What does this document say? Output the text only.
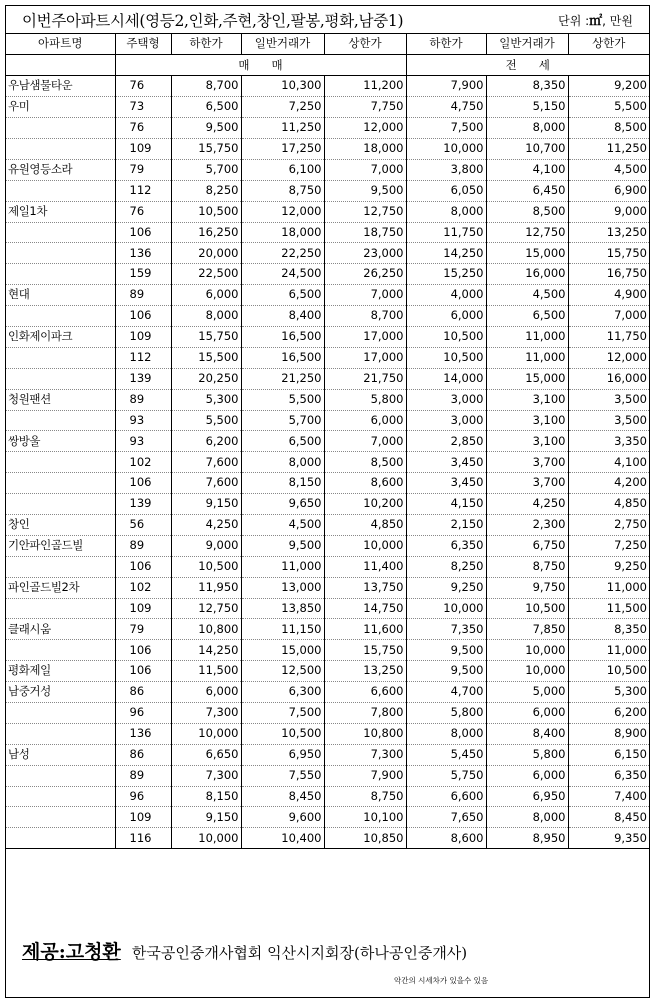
이번주아파트시세(영등2,인화,주현,창인,팔봉,평화,남중1)	단위 :㎡, 만원
아파트명	주택형	하한가	일반거래가	상한가	하한가	일반거래가	상한가
	매      매				전      세		
우남샘물타운	76	8,700	10,300	11,200	7,900	8,350	9,200
우미	73	6,500	7,250	7,750	4,750	5,150	5,500
	76	9,500	11,250	12,000	7,500	8,000	8,500
	109	15,750	17,250	18,000	10,000	10,700	11,250
유원영등소라	79	5,700	6,100	7,000	3,800	4,100	4,500
	112	8,250	8,750	9,500	6,050	6,450	6,900
제일1차	76	10,500	12,000	12,750	8,000	8,500	9,000
	106	16,250	18,000	18,750	11,750	12,750	13,250
	136	20,000	22,250	23,000	14,250	15,000	15,750
	159	22,500	24,500	26,250	15,250	16,000	16,750
현대	89	6,000	6,500	7,000	4,000	4,500	4,900
	106	8,000	8,400	8,700	6,000	6,500	7,000
인화제이파크	109	15,750	16,500	17,000	10,500	11,000	11,750
	112	15,500	16,500	17,000	10,500	11,000	12,000
	139	20,250	21,250	21,750	14,000	15,000	16,000
청원팬션	89	5,300	5,500	5,800	3,000	3,100	3,500
	93	5,500	5,700	6,000	3,000	3,100	3,500
쌍방울	93	6,200	6,500	7,000	2,850	3,100	3,350
	102	7,600	8,000	8,500	3,450	3,700	4,100
	106	7,600	8,150	8,600	3,450	3,700	4,200
	139	9,150	9,650	10,200	4,150	4,250	4,850
창인	56	4,250	4,500	4,850	2,150	2,300	2,750
기안파인골드빌	89	9,000	9,500	10,000	6,350	6,750	7,250
	106	10,500	11,000	11,400	8,250	8,750	9,250
파인골드빌2차	102	11,950	13,000	13,750	9,250	9,750	11,000
	109	12,750	13,850	14,750	10,000	10,500	11,500
클래시움	79	10,800	11,150	11,600	7,350	7,850	8,350
	106	14,250	15,000	15,750	9,500	10,000	11,000
평화제일	106	11,500	12,500	13,250	9,500	10,000	10,500
남중거성	86	6,000	6,300	6,600	4,700	5,000	5,300
	96	7,300	7,500	7,800	5,800	6,000	6,200
	136	10,000	10,500	10,800	8,000	8,400	8,900
남성	86	6,650	6,950	7,300	5,450	5,800	6,150
	89	7,300	7,550	7,900	5,750	6,000	6,350
	96	8,150	8,450	8,750	6,600	6,950	7,400
	109	9,150	9,600	10,100	7,650	8,000	8,450
	116	10,000	10,400	10,850	8,600	8,950	9,350
제공:고청환 한국공인중개사협회 익산시지회장(하나공인중개사)
악간의 시세차가 있을수 있음
